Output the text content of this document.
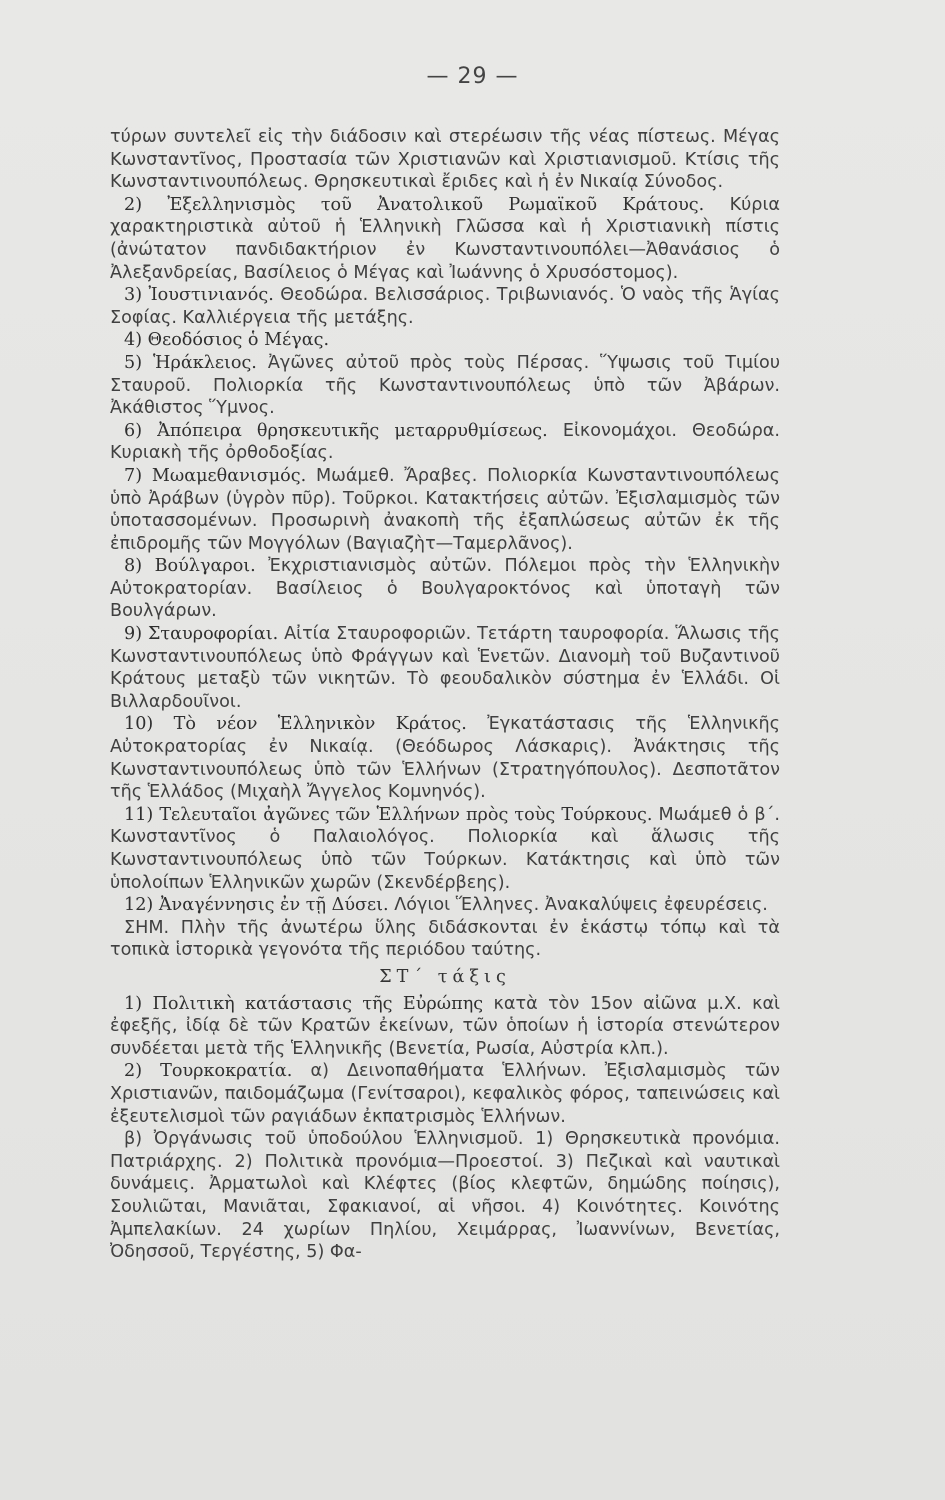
— 29 —

τύρων συντελεῖ εἰς τὴν διάδοσιν καὶ στερέωσιν τῆς νέας πίστεως. Μέγας Κωνσταντῖνος, Προστασία τῶν Χριστιανῶν καὶ Χριστιανισμοῦ. Κτίσις τῆς Κωνσταντινουπόλεως. Θρησκευτικαὶ ἔριδες καὶ ἡ ἐν Νικαίᾳ Σύνοδος.

2) Ἐξελληνισμὸς τοῦ Ἀνατολικοῦ Ρωμαϊκοῦ Κράτους. Κύρια χαρακτηριστικὰ αὐτοῦ ἡ Ἑλληνικὴ Γλῶσσα καὶ ἡ Χριστιανικὴ πίστις (ἀνώτατον πανδιδακτήριον ἐν Κωνσταντινουπόλει—Ἀθανάσιος ὁ Ἀλεξανδρείας, Βασίλειος ὁ Μέγας καὶ Ἰωάννης ὁ Χρυσόστομος).

3) Ἰουστινιανός. Θεοδώρα. Βελισσάριος. Τριβωνιανός. Ὁ ναὸς τῆς Ἁγίας Σοφίας. Καλλιέργεια τῆς μετάξης.

4) Θεοδόσιος ὁ Μέγας.

5) Ἡράκλειος. Ἀγῶνες αὐτοῦ πρὸς τοὺς Πέρσας. Ὕψωσις τοῦ Τιμίου Σταυροῦ. Πολιορκία τῆς Κωνσταντινουπόλεως ὑπὸ τῶν Ἀβάρων. Ἀκάθιστος Ὕμνος.

6) Ἀπόπειρα θρησκευτικῆς μεταρρυθμίσεως. Εἰκονομάχοι. Θεοδώρα. Κυριακὴ τῆς ὀρθοδοξίας.

7) Μωαμεθανισμός. Μωάμεθ. Ἄραβες. Πολιορκία Κωνσταντινουπόλεως ὑπὸ Ἀράβων (ὑγρὸν πῦρ). Τοῦρκοι. Κατακτήσεις αὐτῶν. Ἐξισλαμισμὸς τῶν ὑποτασσομένων. Προσωρινὴ ἀνακοπὴ τῆς ἐξαπλώσεως αὐτῶν ἐκ τῆς ἐπιδρομῆς τῶν Μογγόλων (Βαγιαζὴτ—Ταμερλᾶνος).

8) Βούλγαροι. Ἐκχριστιανισμὸς αὐτῶν. Πόλεμοι πρὸς τὴν Ἑλληνικὴν Αὐτοκρατορίαν. Βασίλειος ὁ Βουλγαροκτόνος καὶ ὑποταγὴ τῶν Βουλγάρων.

9) Σταυροφορίαι. Αἰτία Σταυροφοριῶν. Τετάρτη ταυροφορία. Ἅλωσις τῆς Κωνσταντινουπόλεως ὑπὸ Φράγγων καὶ Ἑνετῶν. Διανομὴ τοῦ Βυζαντινοῦ Κράτους μεταξὺ τῶν νικητῶν. Τὸ φεουδαλικὸν σύστημα ἐν Ἑλλάδι. Οἱ Βιλλαρδουῖνοι.

10) Τὸ νέον Ἑλληνικὸν Κράτος. Ἐγκατάστασις τῆς Ἑλληνικῆς Αὐτοκρατορίας ἐν Νικαίᾳ. (Θεόδωρος Λάσκαρις). Ἀνάκτησις τῆς Κωνσταντινουπόλεως ὑπὸ τῶν Ἑλλήνων (Στρατηγόπουλος). Δεσποτᾶτον τῆς Ἑλλάδος (Μιχαὴλ Ἄγγελος Κομνηνός).

11) Τελευταῖοι ἀγῶνες τῶν Ἑλλήνων πρὸς τοὺς Τούρκους. Μωάμεθ ὁ β΄. Κωνσταντῖνος ὁ Παλαιολόγος. Πολιορκία καὶ ἅλωσις τῆς Κωνσταντινουπόλεως ὑπὸ τῶν Τούρκων. Κατάκτησις καὶ ὑπὸ τῶν ὑπολοίπων Ἑλληνικῶν χωρῶν (Σκενδέρβεης).

12) Ἀναγέννησις ἐν τῇ Δύσει. Λόγιοι Ἕλληνες. Ἀνακαλύψεις ἐφευρέσεις.

ΣΗΜ. Πλὴν τῆς ἀνωτέρω ὕλης διδάσκονται ἐν ἑκάστῳ τόπῳ καὶ τὰ τοπικὰ ἱστορικὰ γεγονότα τῆς περιόδου ταύτης.

ΣΤ΄ τάξις

1) Πολιτικὴ κατάστασις τῆς Εὐρώπης κατὰ τὸν 15ον αἰῶνα μ.Χ. καὶ ἐφεξῆς, ἰδίᾳ δὲ τῶν Κρατῶν ἐκείνων, τῶν ὁποίων ἡ ἱστορία στενώτερον συνδέεται μετὰ τῆς Ἑλληνικῆς (Βενετία, Ρωσία, Αὐστρία κλπ.).

2) Τουρκοκρατία. α) Δεινοπαθήματα Ἑλλήνων. Ἐξισλαμισμὸς τῶν Χριστιανῶν, παιδομάζωμα (Γενίτσαροι), κεφαλικὸς φόρος, ταπεινώσεις καὶ ἐξευτελισμοὶ τῶν ραγιάδων ἐκπατρισμὸς Ἑλλήνων.

β) Ὀργάνωσις τοῦ ὑποδούλου Ἑλληνισμοῦ. 1) Θρησκευτικὰ προνόμια. Πατριάρχης. 2) Πολιτικὰ προνόμια—Προεστοί. 3) Πεζικαὶ καὶ ναυτικαὶ δυνάμεις. Ἀρματωλοὶ καὶ Κλέφτες (βίος κλεφτῶν, δημώδης ποίησις), Σουλιῶται, Μανιᾶται, Σφακιανοί, αἱ νῆσοι. 4) Κοινότητες. Κοινότης Ἀμπελακίων. 24 χωρίων Πηλίου, Χειμάρρας, Ἰωαννίνων, Βενετίας, Ὀδησσοῦ, Τεργέστης, 5) Φα-
